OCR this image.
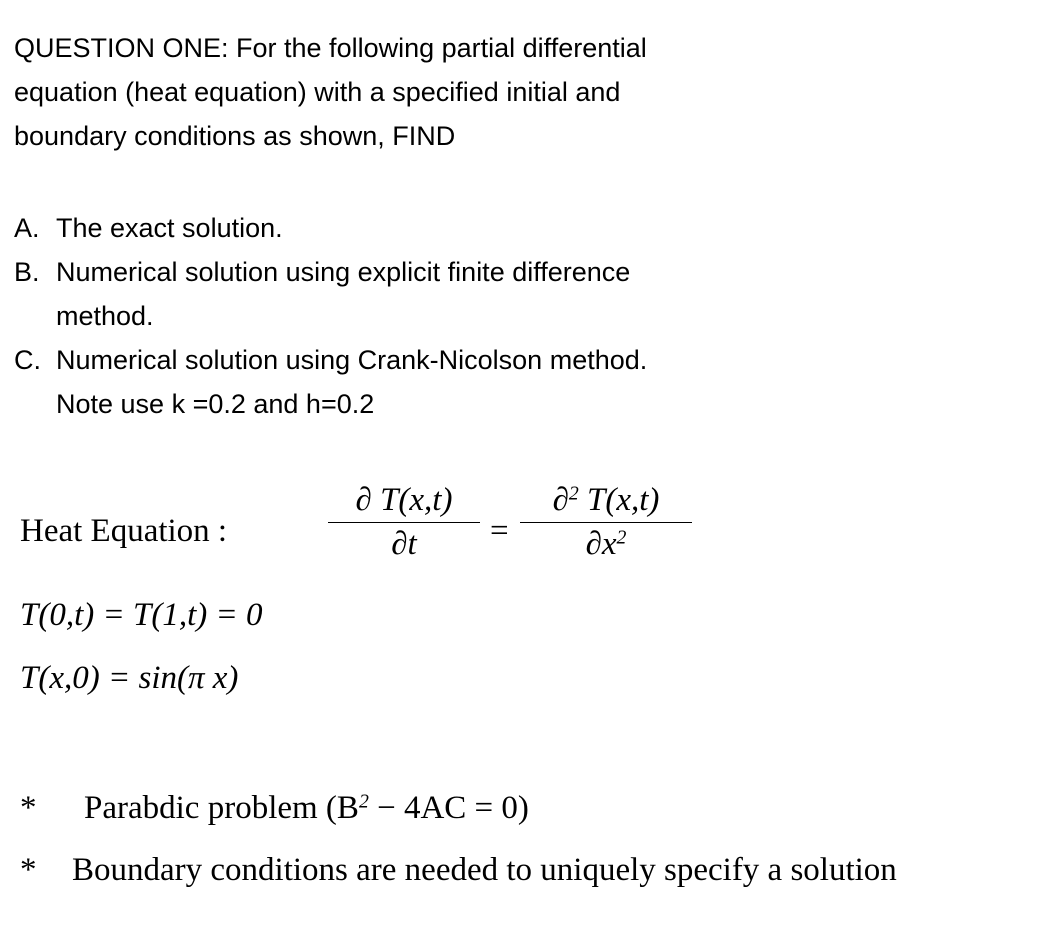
QUESTION ONE: For the following partial differential
equation (heat equation) with a specified initial and
boundary conditions as shown, FIND
A. The exact solution.
B. Numerical solution using explicit finite difference
method.
C. Numerical solution using Crank-Nicolson method.
Note use k =0.2 and h=0.2
Heat Equation :
∂ T(x,t)
∂t	=
∂$^2$ T(x,t)
$\partial x^2$
T(0,t) = T(1,t) = 0
T(x,0) = sin(π x)
* Parabdic problem $(B^2 - 4AC = 0)$
* Boundary conditions are needed to uniquely specify a solution
